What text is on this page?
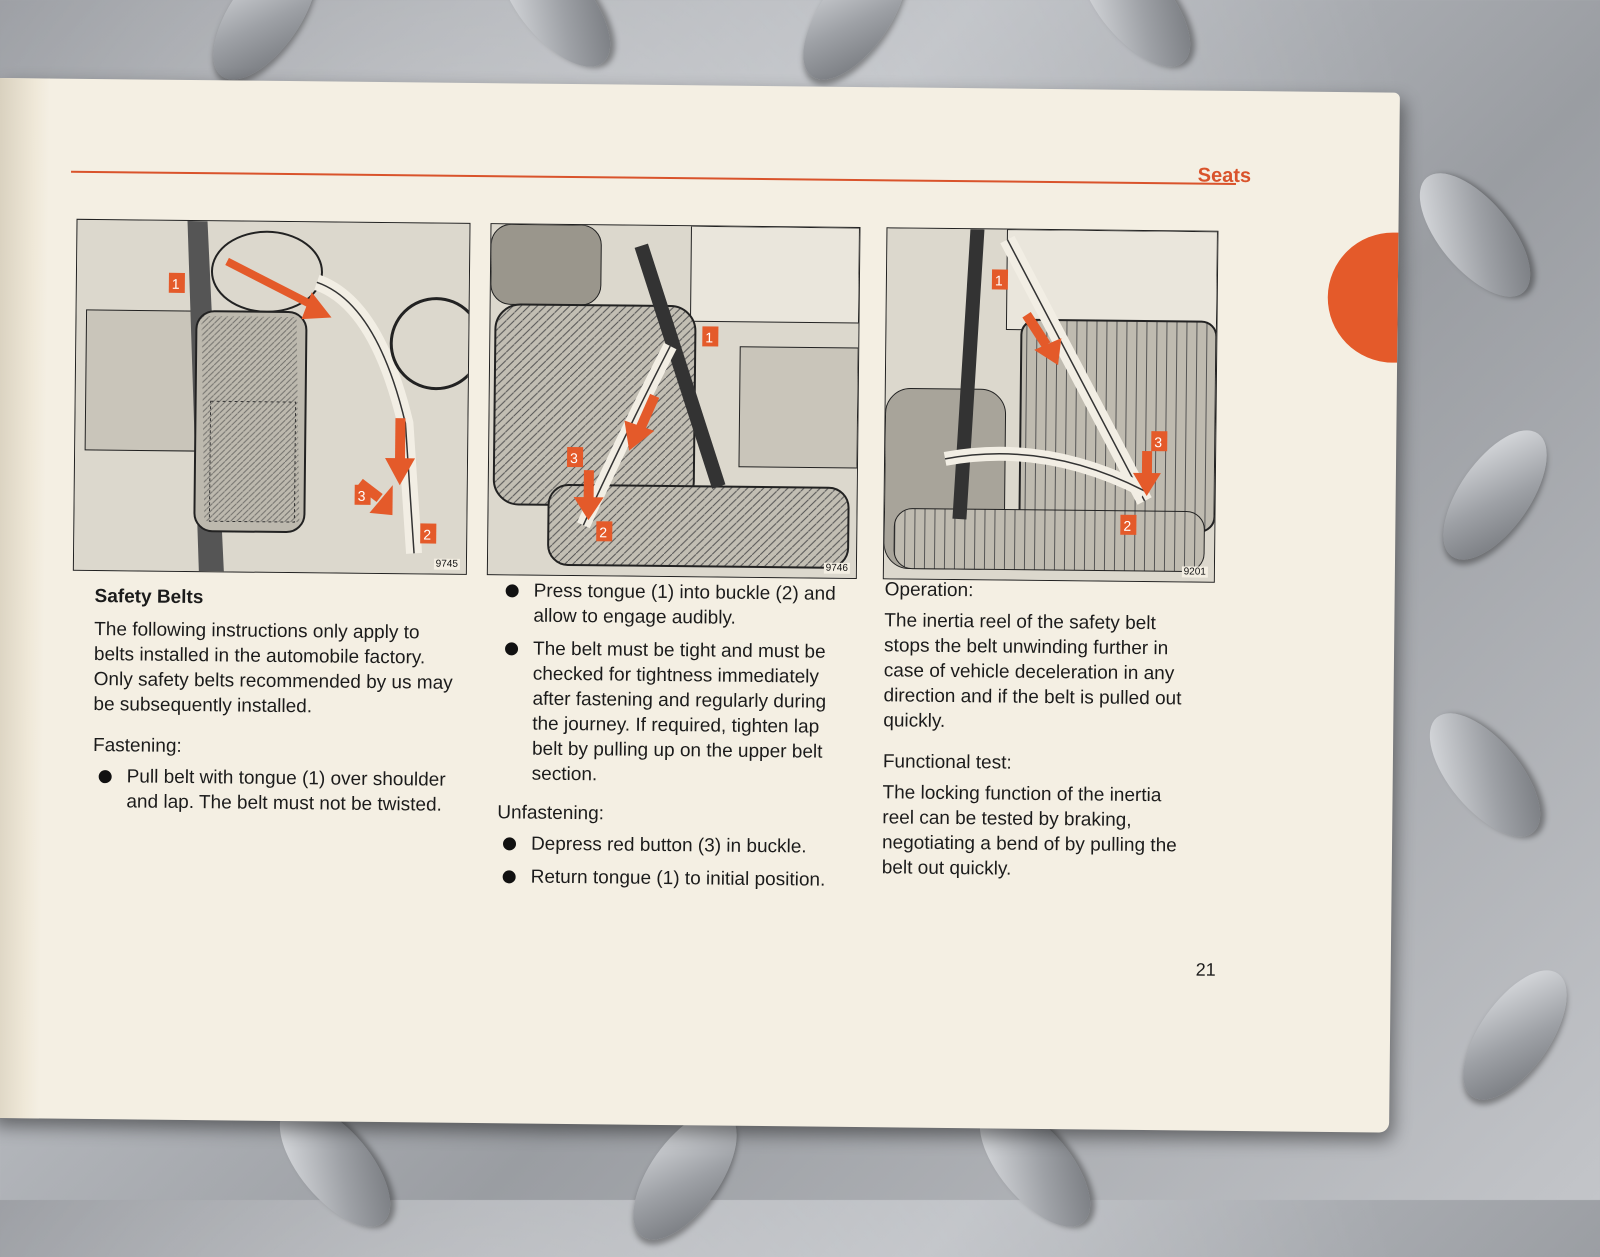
Seats
1
2
3
9745
1
2
3
9746
1
2
3
9201
Safety Belts

The following instructions only apply to belts installed in the automobile factory. Only safety belts recommended by us may be subsequently installed.

Fastening:
Pull belt with tongue (1) over shoulder and lap. The belt must not be twisted.
Press tongue (1) into buckle (2) and allow to engage audibly.
The belt must be tight and must be checked for tightness immediately after fastening and regularly during the journey. If required, tighten lap belt by pulling up on the upper belt section.
Unfastening:
Depress red button (3) in buckle.
Return tongue (1) to initial position.
Operation:

The inertia reel of the safety belt stops the belt unwinding further in case of vehicle deceleration in any direction and if the belt is pulled out quickly.

Functional test:

The locking function of the inertia reel can be tested by braking, negotiating a bend of by pulling the belt out quickly.

21
